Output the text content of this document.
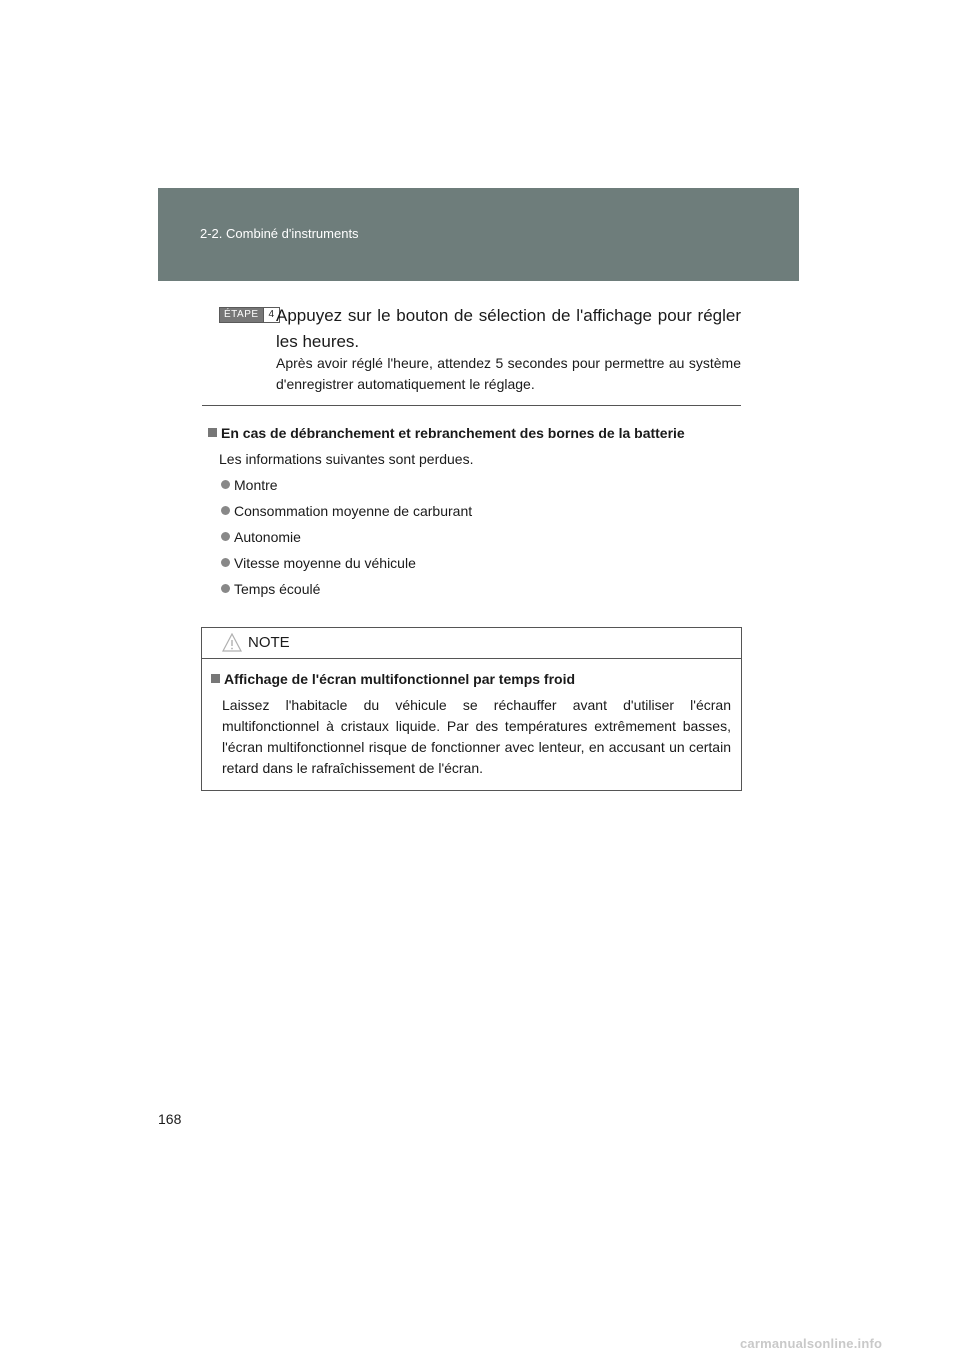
2-2. Combiné d'instruments
ÉTAPE	4 Appuyez sur le bouton de sélection de l'affichage pour régler les heures.
Après avoir réglé l'heure, attendez 5 secondes pour permettre au système d'enregistrer automatiquement le réglage.
En cas de débranchement et rebranchement des bornes de la batterie
Les informations suivantes sont perdues.
Montre
Consommation moyenne de carburant
Autonomie
Vitesse moyenne du véhicule
Temps écoulé
NOTE
Affichage de l'écran multifonctionnel par temps froid
Laissez l'habitacle du véhicule se réchauffer avant d'utiliser l'écran multifonctionnel à cristaux liquide. Par des températures extrêmement basses, l'écran multifonctionnel risque de fonctionner avec lenteur, en accusant un certain retard dans le rafraîchissement de l'écran.
168
carmanualsonline.info
